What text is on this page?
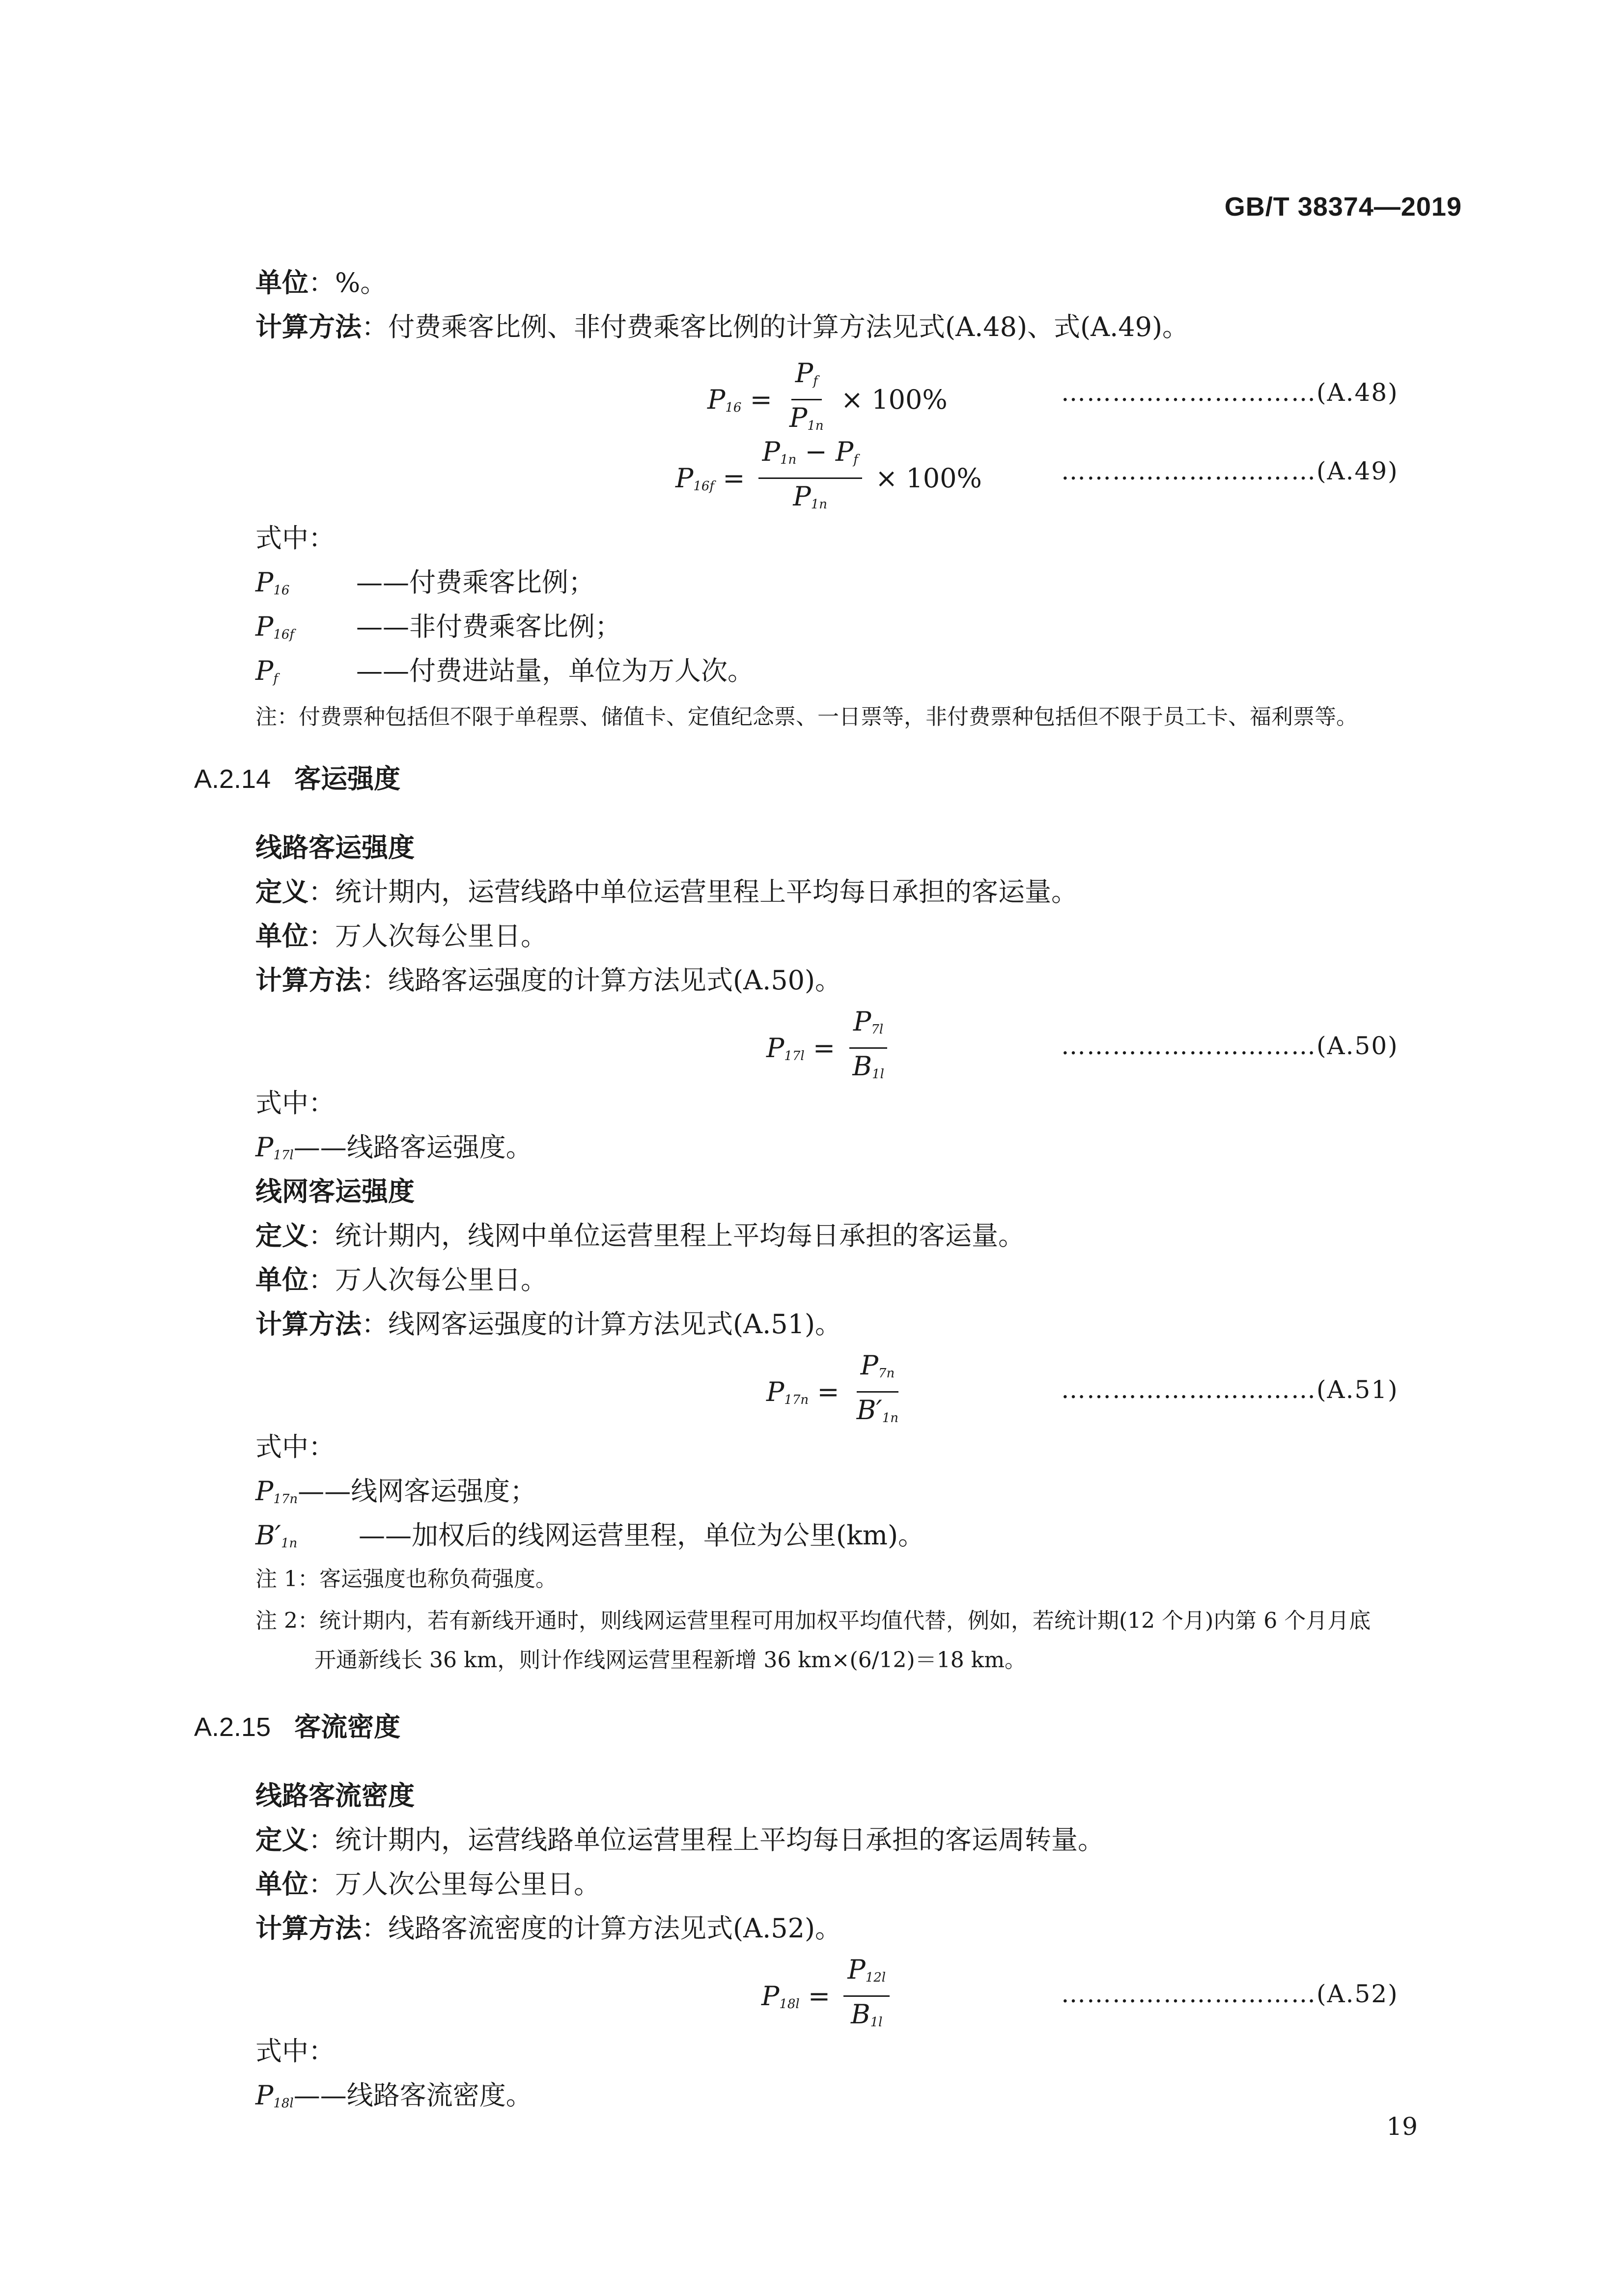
GB/T 38374—2019
单位：%。
计算方法：付费乘客比例、非付费乘客比例的计算方法见式(A.48)、式(A.49)。
$P_{16} = \frac{P_f}{P_{1n}} \times 100\%$	…………………………(A.48)
$P_{16f} = \frac{P_{1n} - P_f}{P_{1n}} \times 100\%$	…………………………(A.49)
式中：
$P_{16}$	——付费乘客比例；
$P_{16f}$ ——非付费乘客比例；
$P_f$	——付费进站量，单位为万人次。
注：付费票种包括但不限于单程票、储值卡、定值纪念票、一日票等，非付费票种包括但不限于员工卡、福利票等。
A.2.14 客运强度
线路客运强度
定义：统计期内，运营线路中单位运营里程上平均每日承担的客运量。
单位：万人次每公里日。
计算方法：线路客运强度的计算方法见式(A.50)。
$P_{17l} = \frac{P_{7l}}{B_{1l}}$	…………………………(A.50)
式中：
$P_{17l}——$线路客运强度。
线网客运强度
定义：统计期内，线网中单位运营里程上平均每日承担的客运量。
单位：万人次每公里日。
计算方法：线网客运强度的计算方法见式(A.51)。
$P_{17n} = \frac{P_{7n}}{B'_{1n}}$	…………………………(A.51)
式中：
$P_{17n}——$线网客运强度；
$B'_{1n}$ ——加权后的线网运营里程，单位为公里(km)。
注 1：客运强度也称负荷强度。
注 2：统计期内，若有新线开通时，则线网运营里程可用加权平均值代替，例如，若统计期(12 个月)内第 6 个月月底
开通新线长 36 km，则计作线网运营里程新增 36 km×(6/12)＝18 km。
A.2.15 客流密度
线路客流密度
定义：统计期内，运营线路单位运营里程上平均每日承担的客运周转量。
单位：万人次公里每公里日。
计算方法：线路客流密度的计算方法见式(A.52)。
$P_{18l} = \frac{P_{12l}}{B_{1l}}$	…………………………(A.52)
式中：
$P_{18l}——$线路客流密度。
19
